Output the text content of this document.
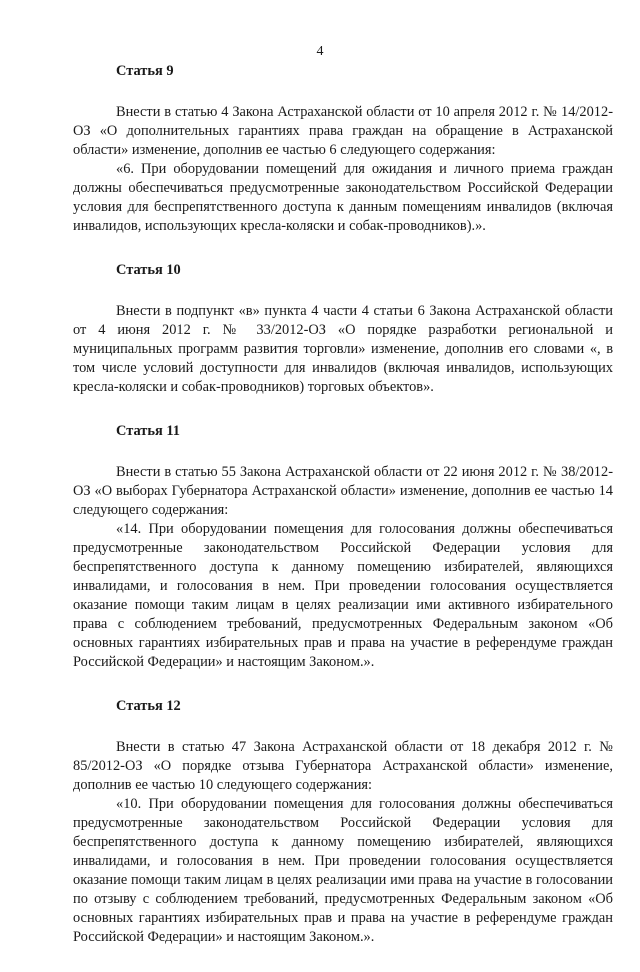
4
Статья 9

Внести в статью 4 Закона Астраханской области от 10 апреля 2012 г. № 14/2012-ОЗ «О дополнительных гарантиях права граждан на обращение в Астраханской области» изменение, дополнив ее частью 6 следующего содержания:

«6. При оборудовании помещений для ожидания и личного приема граждан должны обеспечиваться предусмотренные законодательством Российской Федерации условия для беспрепятственного доступа к данным помещениям инвалидов (включая инвалидов, использующих кресла-коляски и собак-проводников).».

Статья 10

Внести в подпункт «в» пункта 4 части 4 статьи 6 Закона Астраханской области от 4 июня 2012 г. № 33/2012-ОЗ «О порядке разработки региональной и муниципальных программ развития торговли» изменение, дополнив его словами «, в том числе условий доступности для инвалидов (включая инвалидов, использующих кресла-коляски и собак-проводников) торговых объектов».

Статья 11

Внести в статью 55 Закона Астраханской области от 22 июня 2012 г. № 38/2012-ОЗ «О выборах Губернатора Астраханской области» изменение, дополнив ее частью 14 следующего содержания:

«14. При оборудовании помещения для голосования должны обеспечиваться предусмотренные законодательством Российской Федерации условия для беспрепятственного доступа к данному помещению избирателей, являющихся инвалидами, и голосования в нем. При проведении голосования осуществляется оказание помощи таким лицам в целях реализации ими активного избирательного права с соблюдением требований, предусмотренных Федеральным законом «Об основных гарантиях избирательных прав и права на участие в референдуме граждан Российской Федерации» и настоящим Законом.».

Статья 12

Внести в статью 47 Закона Астраханской области от 18 декабря 2012 г. № 85/2012-ОЗ «О порядке отзыва Губернатора Астраханской области» изменение, дополнив ее частью 10 следующего содержания:

«10. При оборудовании помещения для голосования должны обеспечиваться предусмотренные законодательством Российской Федерации условия для беспрепятственного доступа к данному помещению избирателей, являющихся инвалидами, и голосования в нем. При проведении голосования осуществляется оказание помощи таким лицам в целях реализации ими права на участие в голосовании по отзыву с соблюдением требований, предусмотренных Федеральным законом «Об основных гарантиях избирательных прав и права на участие в референдуме граждан Российской Федерации» и настоящим Законом.».
